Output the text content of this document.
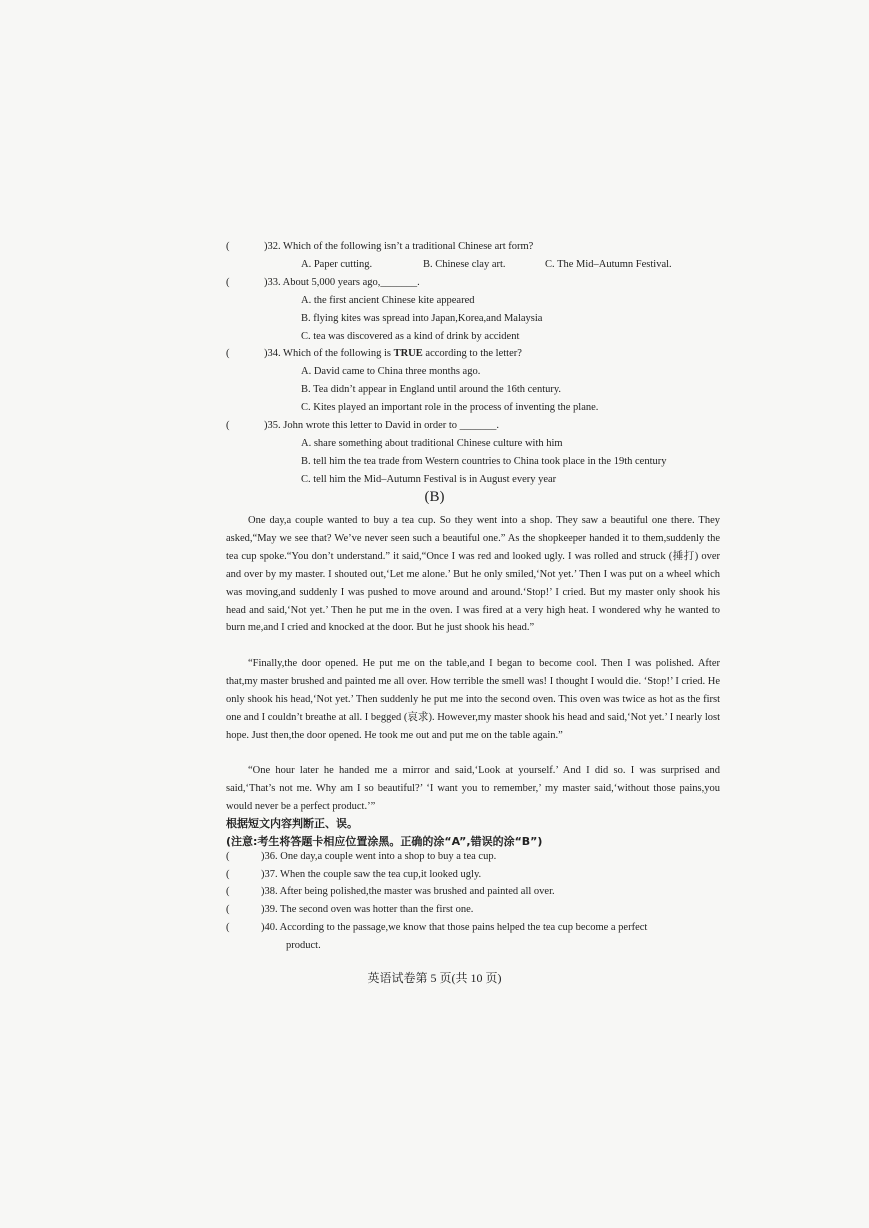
(	)32. Which of the following isn’t a traditional Chinese art form?
A. Paper cutting.	B. Chinese clay art.	C. The Mid–Autumn Festival.
(	)33. About 5,000 years ago,_______.
A. the first ancient Chinese kite appeared
B. flying kites was spread into Japan,Korea,and Malaysia
C. tea was discovered as a kind of drink by accident
(	)34. Which of the following is TRUE according to the letter?
A. David came to China three months ago.
B. Tea didn’t appear in England until around the 16th century.
C. Kites played an important role in the process of inventing the plane.
(	)35. John wrote this letter to David in order to _______.
A. share something about traditional Chinese culture with him
B. tell him the tea trade from Western countries to China took place in the 19th century
C. tell him the Mid–Autumn Festival is in August every year
(B)

One day,a couple wanted to buy a tea cup. So they went into a shop. They saw a beautiful one there. They asked,“May we see that? We’ve never seen such a beautiful one.” As the shopkeeper handed it to them,suddenly the tea cup spoke.“You don’t understand.” it said,“Once I was red and looked ugly. I was rolled and struck (捶打) over and over by my master. I shouted out,‘Let me alone.’ But he only smiled,‘Not yet.’ Then I was put on a wheel which was moving,and suddenly I was pushed to move around and around.‘Stop!’ I cried. But my master only shook his head and said,‘Not yet.’ Then he put me in the oven. I was fired at a very high heat. I wondered why he wanted to burn me,and I cried and knocked at the door. But he just shook his head.”

“Finally,the door opened. He put me on the table,and I began to become cool. Then I was polished. After that,my master brushed and painted me all over. How terrible the smell was! I thought I would die. ‘Stop!’ I cried. He only shook his head,‘Not yet.’ Then suddenly he put me into the second oven. This oven was twice as hot as the first one and I couldn’t breathe at all. I begged (哀求). However,my master shook his head and said,‘Not yet.’ I nearly lost hope. Just then,the door opened. He took me out and put me on the table again.”

“One hour later he handed me a mirror and said,‘Look at yourself.’ And I did so. I was surprised and said,‘That’s not me. Why am I so beautiful?’ ‘I want you to remember,’ my master said,‘without those pains,you would never be a perfect product.’”

根据短文内容判断正、误。
(注意:考生将答题卡相应位置涂黑。正确的涂“A”,错误的涂“B”)
(	)36. One day,a couple went into a shop to buy a tea cup.
(	)37. When the couple saw the tea cup,it looked ugly.
(	)38. After being polished,the master was brushed and painted all over.
(	)39. The second oven was hotter than the first one.
(	)40. According to the passage,we know that those pains helped the tea cup become a perfect
product.
英语试卷第 5 页(共 10 页)
